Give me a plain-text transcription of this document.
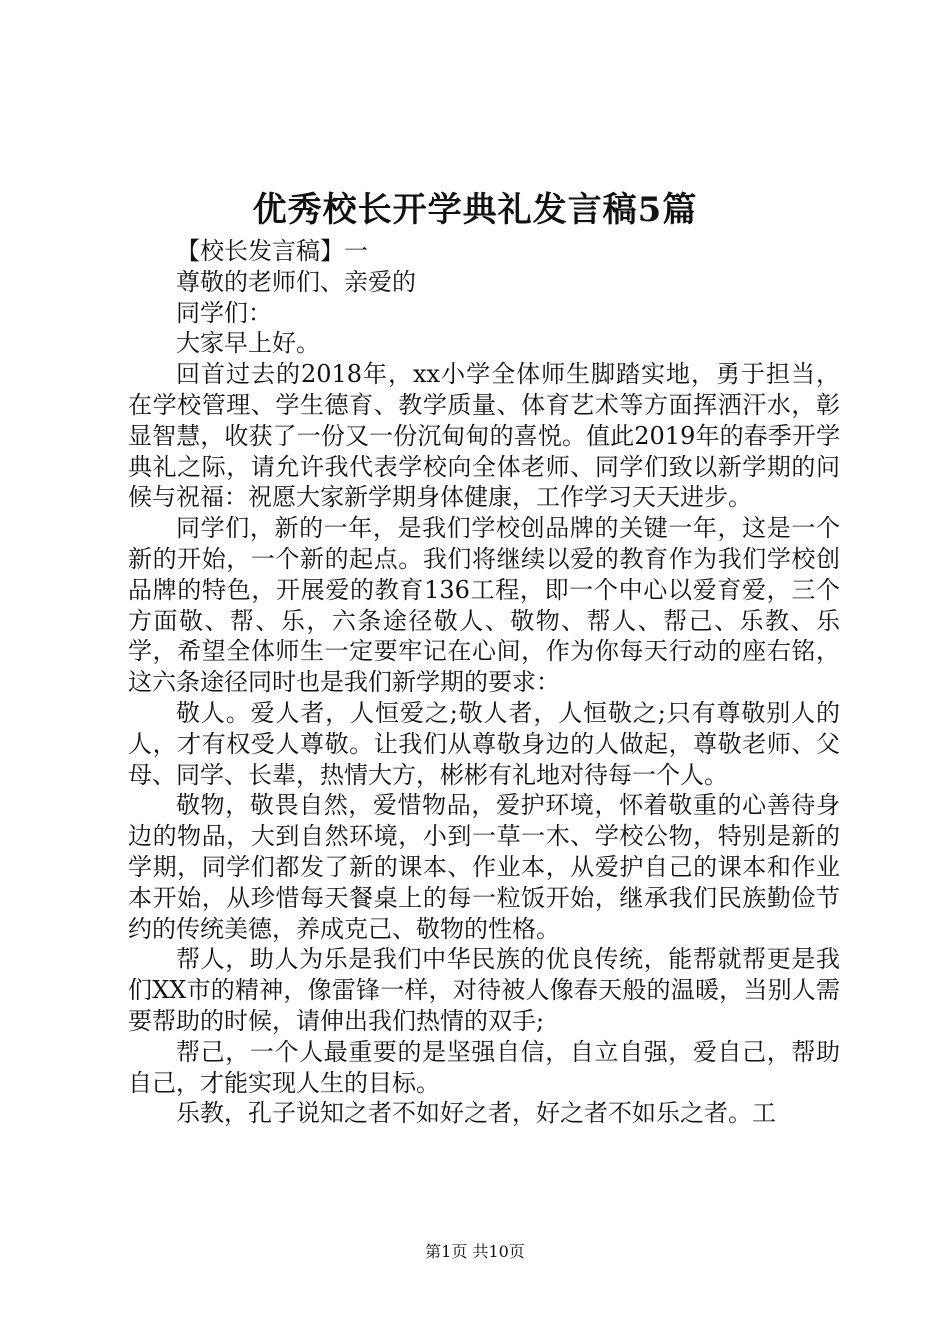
优秀校长开学典礼发言稿5篇

【校长发言稿】一

尊敬的老师们、亲爱的

同学们：

大家早上好。

回首过去的2018年，xx小学全体师生脚踏实地，勇于担当，在学校管理、学生德育、教学质量、体育艺术等方面挥洒汗水，彰显智慧，收获了一份又一份沉甸甸的喜悦。值此2019年的春季开学典礼之际，请允许我代表学校向全体老师、同学们致以新学期的问候与祝福：祝愿大家新学期身体健康，工作学习天天进步。

同学们，新的一年，是我们学校创品牌的关键一年，这是一个新的开始，一个新的起点。我们将继续以爱的教育作为我们学校创品牌的特色，开展爱的教育136工程，即一个中心以爱育爱，三个方面敬、帮、乐，六条途径敬人、敬物、帮人、帮己、乐教、乐学，希望全体师生一定要牢记在心间，作为你每天行动的座右铭，这六条途径同时也是我们新学期的要求：

敬人。爱人者，人恒爱之;敬人者，人恒敬之;只有尊敬别人的人，才有权受人尊敬。让我们从尊敬身边的人做起，尊敬老师、父母、同学、长辈，热情大方，彬彬有礼地对待每一个人。

敬物，敬畏自然，爱惜物品，爱护环境，怀着敬重的心善待身边的物品，大到自然环境，小到一草一木、学校公物，特别是新的学期，同学们都发了新的课本、作业本，从爱护自己的课本和作业本开始，从珍惜每天餐桌上的每一粒饭开始，继承我们民族勤俭节约的传统美德，养成克己、敬物的性格。

帮人，助人为乐是我们中华民族的优良传统，能帮就帮更是我们XX市的精神，像雷锋一样，对待被人像春天般的温暖，当别人需要帮助的时候，请伸出我们热情的双手;

帮己，一个人最重要的是坚强自信，自立自强，爱自己，帮助自己，才能实现人生的目标。

乐教，孔子说知之者不如好之者，好之者不如乐之者。工

第1页 共10页
